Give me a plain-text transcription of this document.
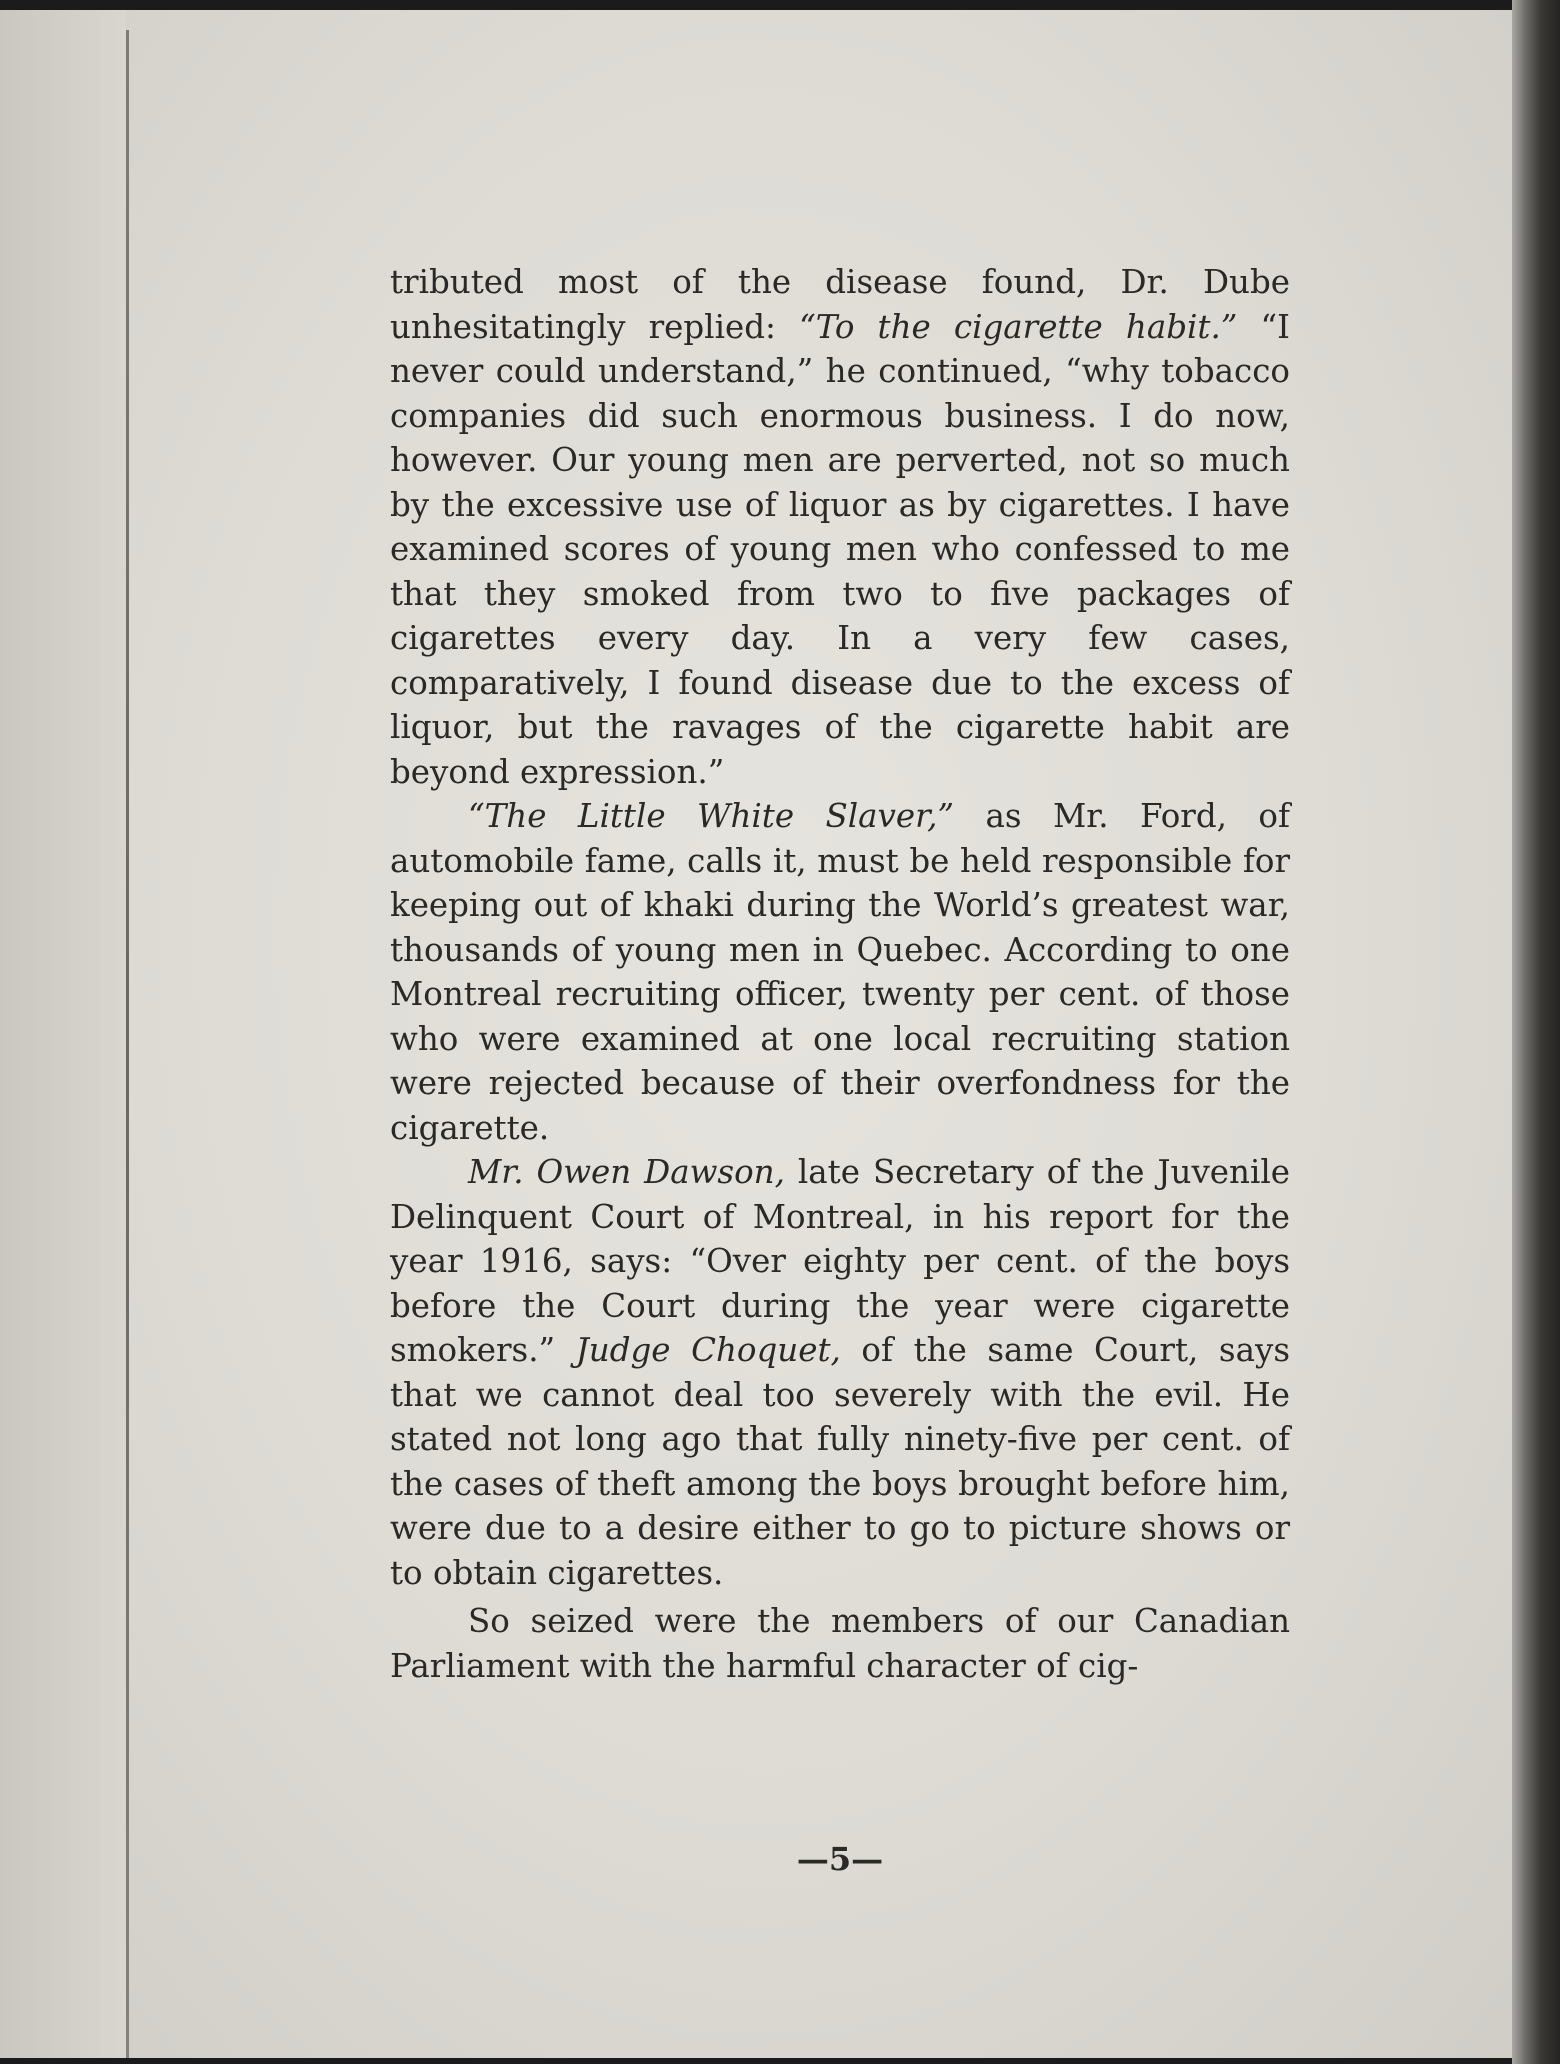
tributed most of the disease found, Dr. Dube unhesitatingly replied: “To the cigarette habit.” “I never could understand,” he continued, “why tobacco companies did such enormous business. I do now, however. Our young men are perverted, not so much by the excessive use of liquor as by cigarettes. I have examined scores of young men who confessed to me that they smoked from two to five packages of cigarettes every day. In a very few cases, comparatively, I found disease due to the excess of liquor, but the ravages of the cigarette habit are beyond expression.”

“The Little White Slaver,” as Mr. Ford, of automobile fame, calls it, must be held responsible for keeping out of khaki during the World’s greatest war, thousands of young men in Quebec. According to one Montreal recruiting officer, twenty per cent. of those who were examined at one local recruiting station were rejected because of their overfondness for the cigarette.

Mr. Owen Dawson, late Secretary of the Juvenile Delinquent Court of Montreal, in his report for the year 1916, says: “Over eighty per cent. of the boys before the Court during the year were cigarette smokers.” Judge Choquet, of the same Court, says that we cannot deal too severely with the evil. He stated not long ago that fully ninety-five per cent. of the cases of theft among the boys brought before him, were due to a desire either to go to picture shows or to obtain cigarettes.

So seized were the members of our Canadian Parliament with the harmful character of cig-

—5—
